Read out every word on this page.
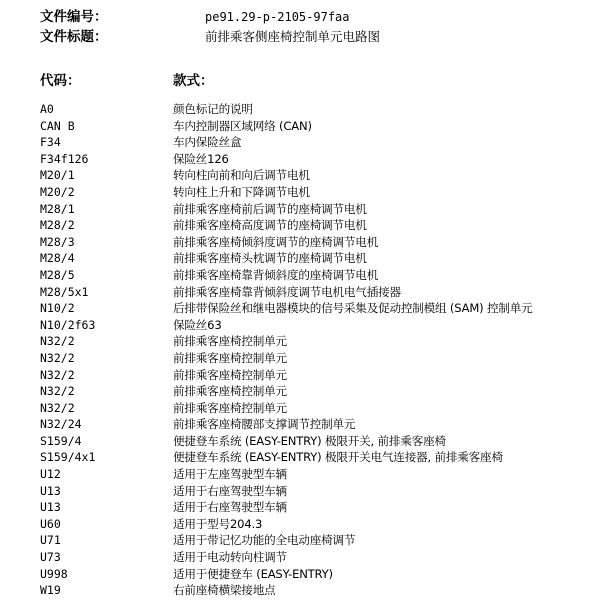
文件编号：	pe91.29-p-2105-97faa
文件标题：	前排乘客侧座椅控制单元电路图
代码：	款式：
A0	颜色标记的说明
CAN B	车内控制器区域网络 (CAN)
F34	车内保险丝盒
F34f126	保险丝126
M20/1	转向柱向前和向后调节电机
M20/2	转向柱上升和下降调节电机
M28/1	前排乘客座椅前后调节的座椅调节电机
M28/2	前排乘客座椅高度调节的座椅调节电机
M28/3	前排乘客座椅倾斜度调节的座椅调节电机
M28/4	前排乘客座椅头枕调节的座椅调节电机
M28/5	前排乘客座椅靠背倾斜度的座椅调节电机
M28/5x1	前排乘客座椅靠背倾斜度调节电机电气插接器
N10/2	后排带保险丝和继电器模块的信号采集及促动控制模组 (SAM) 控制单元
N10/2f63	保险丝63
N32/2	前排乘客座椅控制单元
N32/2	前排乘客座椅控制单元
N32/2	前排乘客座椅控制单元
N32/2	前排乘客座椅控制单元
N32/2	前排乘客座椅控制单元
N32/24	前排乘客座椅腰部支撑调节控制单元
S159/4	便捷登车系统 (EASY-ENTRY) 极限开关, 前排乘客座椅
S159/4x1	便捷登车系统 (EASY-ENTRY) 极限开关电气连接器, 前排乘客座椅
U12	适用于左座驾驶型车辆
U13	适用于右座驾驶型车辆
U13	适用于右座驾驶型车辆
U60	适用于型号204.3
U71	适用于带记忆功能的全电动座椅调节
U73	适用于电动转向柱调节
U998	适用于便捷登车 (EASY-ENTRY)
W19	右前座椅横梁接地点
